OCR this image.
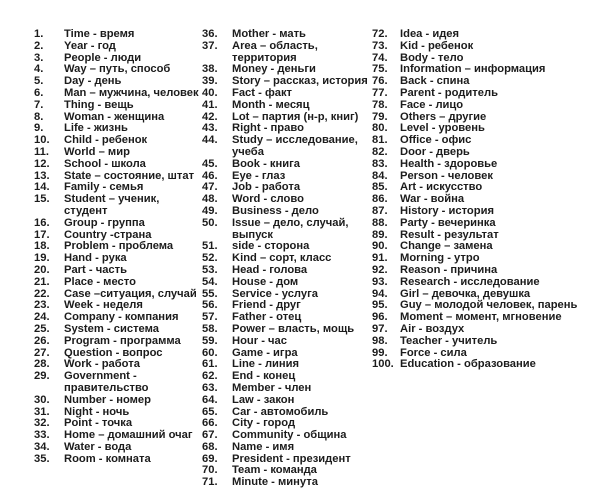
1.	Time - время
2.	Year - год
3.	People - люди
4.	Way – путь, способ
5.	Day - день
6.	Man – мужчина, человек
7.	Thing - вещь
8.	Woman - женщина
9.	Life - жизнь
10.	Child - ребенок
11.	World – мир
12.	School - школа
13.	State – состояние, штат
14.	Family - семья
15.	Student – ученик, студент
16.	Group - группа
17.	Country -страна
18.	Problem - проблема
19.	Hand - рука
20.	Part - часть
21.	Place - место
22.	Case –ситуация, случай
23.	Week - неделя
24.	Company - компания
25.	System - система
26.	Program - программа
27.	Question - вопрос
28.	Work - работа
29.	Government - правительство
30.	Number - номер
31.	Night - ночь
32.	Point - точка
33.	Home – домашний очаг
34.	Water - вода
35.	Room - комната
36.	Mother - мать
37.	Area – область, территория
38.	Money - деньги
39.	Story – рассказ, история
40.	Fact - факт
41.	Month - месяц
42.	Lot – партия (н-р, книг)
43.	Right - право
44.	Study – исследование, учеба
45.	Book - книга
46.	Eye - глаз
47.	Job - работа
48.	Word - слово
49.	Business - дело
50.	Issue – дело, случай, выпуск
51.	side - сторона
52.	Kind – сорт, класс
53.	Head - голова
54.	House - дом
55.	Service - услуга
56.	Friend - друг
57.	Father - отец
58.	Power – власть, мощь
59.	Hour - час
60.	Game - игра
61.	Line - линия
62.	End - конец
63.	Member - член
64.	Law - закон
65.	Car - автомобиль
66.	City - город
67.	Community - община
68.	Name - имя
69.	President - президент
70.	Team - команда
71.	Minute - минута
72.	Idea - идея
73.	Kid - ребенок
74.	Body - тело
75.	Information – информация
76.	Back - спина
77.	Parent - родитель
78.	Face - лицо
79.	Others – другие
80.	Level - уровень
81.	Office - офис
82.	Door - дверь
83.	Health - здоровье
84.	Person - человек
85.	Art - искусство
86.	War - война
87.	History - история
88.	Party - вечеринка
89.	Result - результат
90.	Change – замена
91.	Morning - утро
92.	Reason - причина
93.	Research - исследование
94.	Girl – девочка, девушка
95.	Guy – молодой человек, парень
96.	Moment – момент, мгновение
97.	Air - воздух
98.	Teacher - учитель
99.	Force - сила
100. Education - образование
